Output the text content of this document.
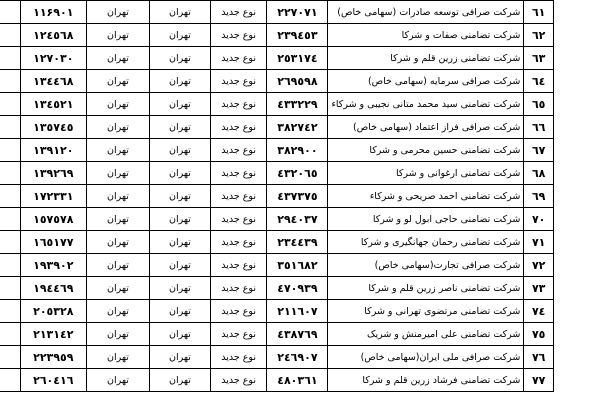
٦١	شرکت صرافی توسعه صادرات (سهامی خاص)	٢٢٧٠٧١	نوع جدید	تهران	تهران	١١۶٩٠١	
٦٢	شرکت تضامنی صفات و شرکا	٢٣٩٤٥٣	نوع جدید	تهران	تهران	١٢٤٥٦٨	
٦٣	شرکت تضامنی زرین قلم و شرکا	٢٥٣١٧٤	نوع جدید	تهران	تهران	١٢٧٠٣٠	
٦٤	شرکت صرافی سرمایه (سهامی خاص)	٢٦٩٥٩٨	نوع جدید	تهران	تهران	١٣٤٤٦٨	
٦٥	شرکت تضامنی سید محمد متانی نجیبی و شرکاء	٤٣٣٢٢٩	نوع جدید	تهران	تهران	١٣٤٥٢١	
٦٦	شرکت صرافی فراز اعتماد (سهامی خاص)	٣٨٢٧٤٢	نوع جدید	تهران	تهران	١٣٥٧٤٥	
٦٧	شرکت تضامنی حسین محرمی و شرکا	٣٨٢٩٠٠	نوع جدید	تهران	تهران	١٣٩١٢٠	
٦٨	شرکت تضامنی ارغوانی و شرکا	٤٣٢٠٦٥	نوع جدید	تهران	تهران	١٣٩٢٦٩	
٦٩	شرکت تضامنی احمد صریحی و شرکاء	٤٣٧٣٧٥	نوع جدید	تهران	تهران	١٧٢٣٣١	
٧٠	شرکت تضامنی حاجی ابول لو و شرکا	٢٩٤٠٣٧	نوع جدید	تهران	تهران	١٥٧٥٧٨	
٧١	شرکت تضامنی رحمان جهانگیری و شرکا	٢٣٤٤٣٩	نوع جدید	تهران	تهران	١٦٥١٧٧	
٧٢	شرکت صرافی تجارت(سهامی خاص)	٣٥١٦٨٢	نوع جدید	تهران	تهران	١٩٣٩٠٢	
٧٣	شرکت تضامنی ناصر زرین قلم و شرکا	٤٧٠٩٣٩	نوع جدید	تهران	تهران	١٩٤٤٦٩	
٧٤	شرکت تضامنی مرتضوی تهرانی و شرکا	٢١١٦٠٧	نوع جدید	تهران	تهران	٢٠٥٣٢٨	
٧٥	شرکت تضامنی علی امیرمنش و شریک	٤٣٨٧٦٩	نوع جدید	تهران	تهران	٢١٣١٤٢	
٧٦	شرکت صرافی ملی ایران(سهامی خاص)	٢٤٦٩٠٧	نوع جدید	تهران	تهران	٢٢٣٩٥٩	
٧٧	شرکت تضامنی فرشاد زرین قلم و شرکا	٤٨٠٣٦١	نوع جدید	تهران	تهران	٢٦٠٤١٦	
